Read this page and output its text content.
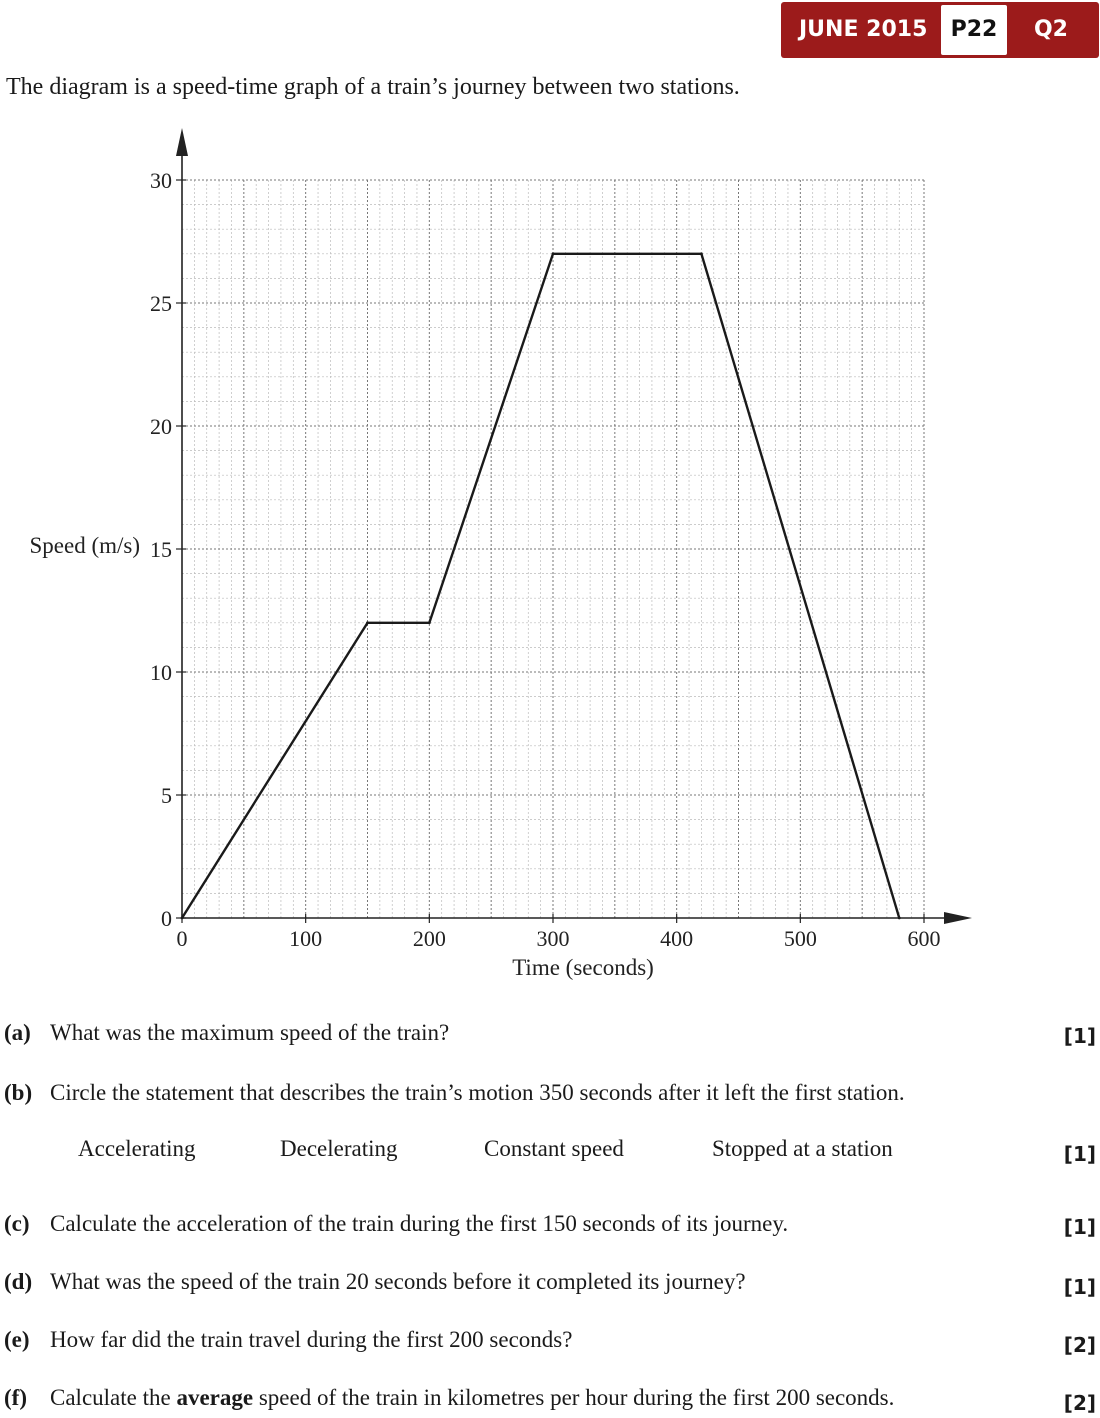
JUNE 2015	P22	Q2
The diagram is a speed-time graph of a train’s journey between two stations.
0	100	200	300	400	500	600
0
5
10
15
20
25
30
Time (seconds)
Speed (m/s)
(a) What was the maximum speed of the train?	[1]
(b) Circle the statement that describes the train’s motion 350 seconds after it left the first station.
Accelerating	Decelerating	Constant speed	Stopped at a station	[1]
(c) Calculate the acceleration of the train during the first 150 seconds of its journey.	[1]
(d) What was the speed of the train 20 seconds before it completed its journey?	[1]
(e) How far did the train travel during the first 200 seconds?	[2]
(f) Calculate the average speed of the train in kilometres per hour during the first 200 seconds.	[2]
